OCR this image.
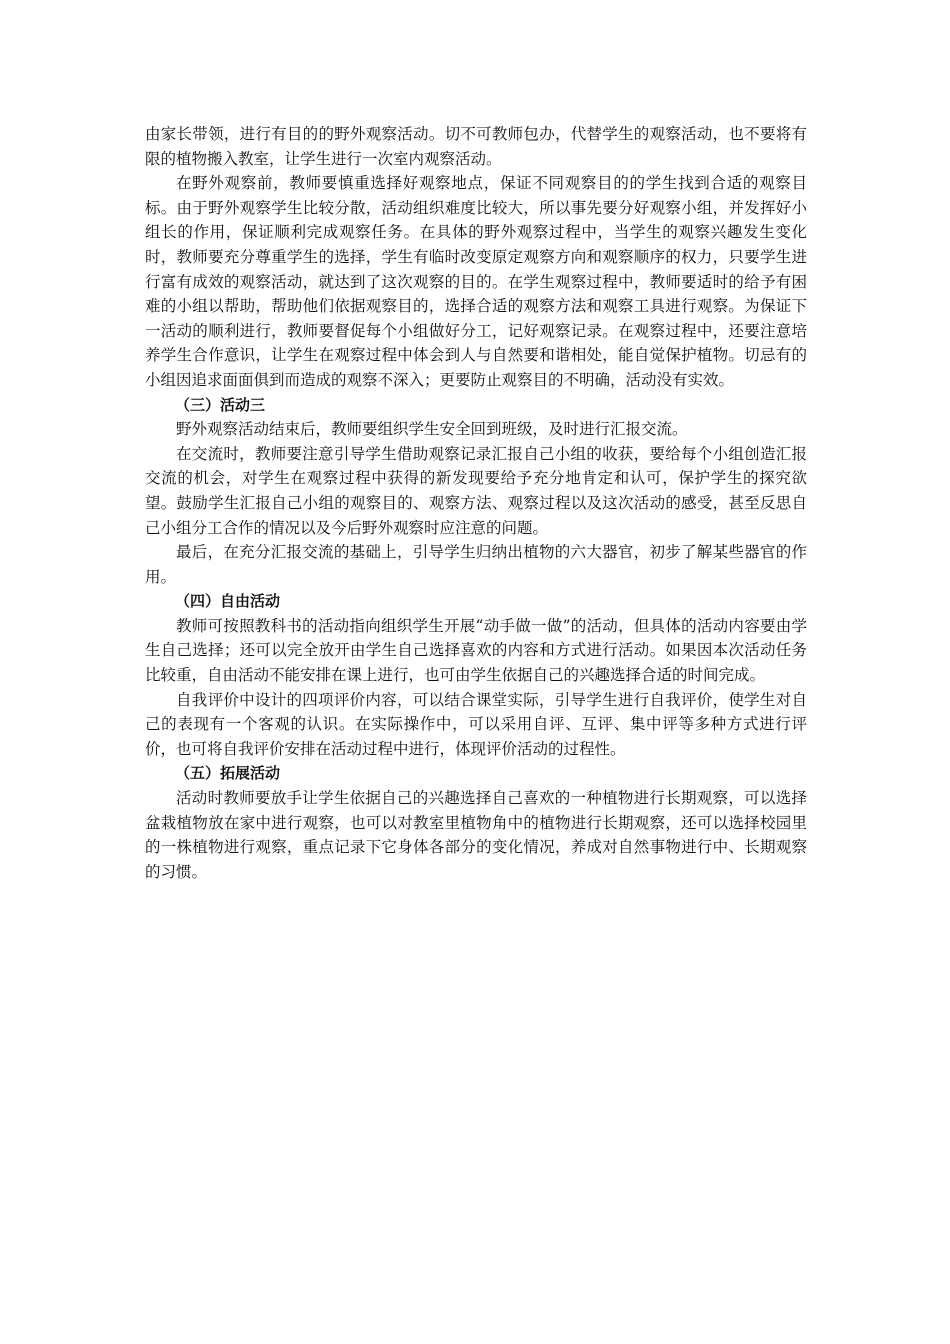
由家长带领，进行有目的的野外观察活动。切不可教师包办，代替学生的观察活动，也不要将有限的植物搬入教室，让学生进行一次室内观察活动。

在野外观察前，教师要慎重选择好观察地点，保证不同观察目的的学生找到合适的观察目标。由于野外观察学生比较分散，活动组织难度比较大，所以事先要分好观察小组，并发挥好小组长的作用，保证顺利完成观察任务。在具体的野外观察过程中，当学生的观察兴趣发生变化时，教师要充分尊重学生的选择，学生有临时改变原定观察方向和观察顺序的权力，只要学生进行富有成效的观察活动，就达到了这次观察的目的。在学生观察过程中，教师要适时的给予有困难的小组以帮助，帮助他们依据观察目的，选择合适的观察方法和观察工具进行观察。为保证下一活动的顺利进行，教师要督促每个小组做好分工，记好观察记录。在观察过程中，还要注意培养学生合作意识，让学生在观察过程中体会到人与自然要和谐相处，能自觉保护植物。切忌有的小组因追求面面俱到而造成的观察不深入；更要防止观察目的不明确，活动没有实效。

（三）活动三

野外观察活动结束后，教师要组织学生安全回到班级，及时进行汇报交流。

在交流时，教师要注意引导学生借助观察记录汇报自己小组的收获，要给每个小组创造汇报交流的机会，对学生在观察过程中获得的新发现要给予充分地肯定和认可，保护学生的探究欲望。鼓励学生汇报自己小组的观察目的、观察方法、观察过程以及这次活动的感受，甚至反思自己小组分工合作的情况以及今后野外观察时应注意的问题。

最后，在充分汇报交流的基础上，引导学生归纳出植物的六大器官，初步了解某些器官的作用。

（四）自由活动

教师可按照教科书的活动指向组织学生开展“动手做一做”的活动，但具体的活动内容要由学生自己选择；还可以完全放开由学生自己选择喜欢的内容和方式进行活动。如果因本次活动任务比较重，自由活动不能安排在课上进行，也可由学生依据自己的兴趣选择合适的时间完成。

自我评价中设计的四项评价内容，可以结合课堂实际，引导学生进行自我评价，使学生对自己的表现有一个客观的认识。在实际操作中，可以采用自评、互评、集中评等多种方式进行评价，也可将自我评价安排在活动过程中进行，体现评价活动的过程性。

（五）拓展活动

活动时教师要放手让学生依据自己的兴趣选择自己喜欢的一种植物进行长期观察，可以选择盆栽植物放在家中进行观察，也可以对教室里植物角中的植物进行长期观察，还可以选择校园里的一株植物进行观察，重点记录下它身体各部分的变化情况，养成对自然事物进行中、长期观察的习惯。
